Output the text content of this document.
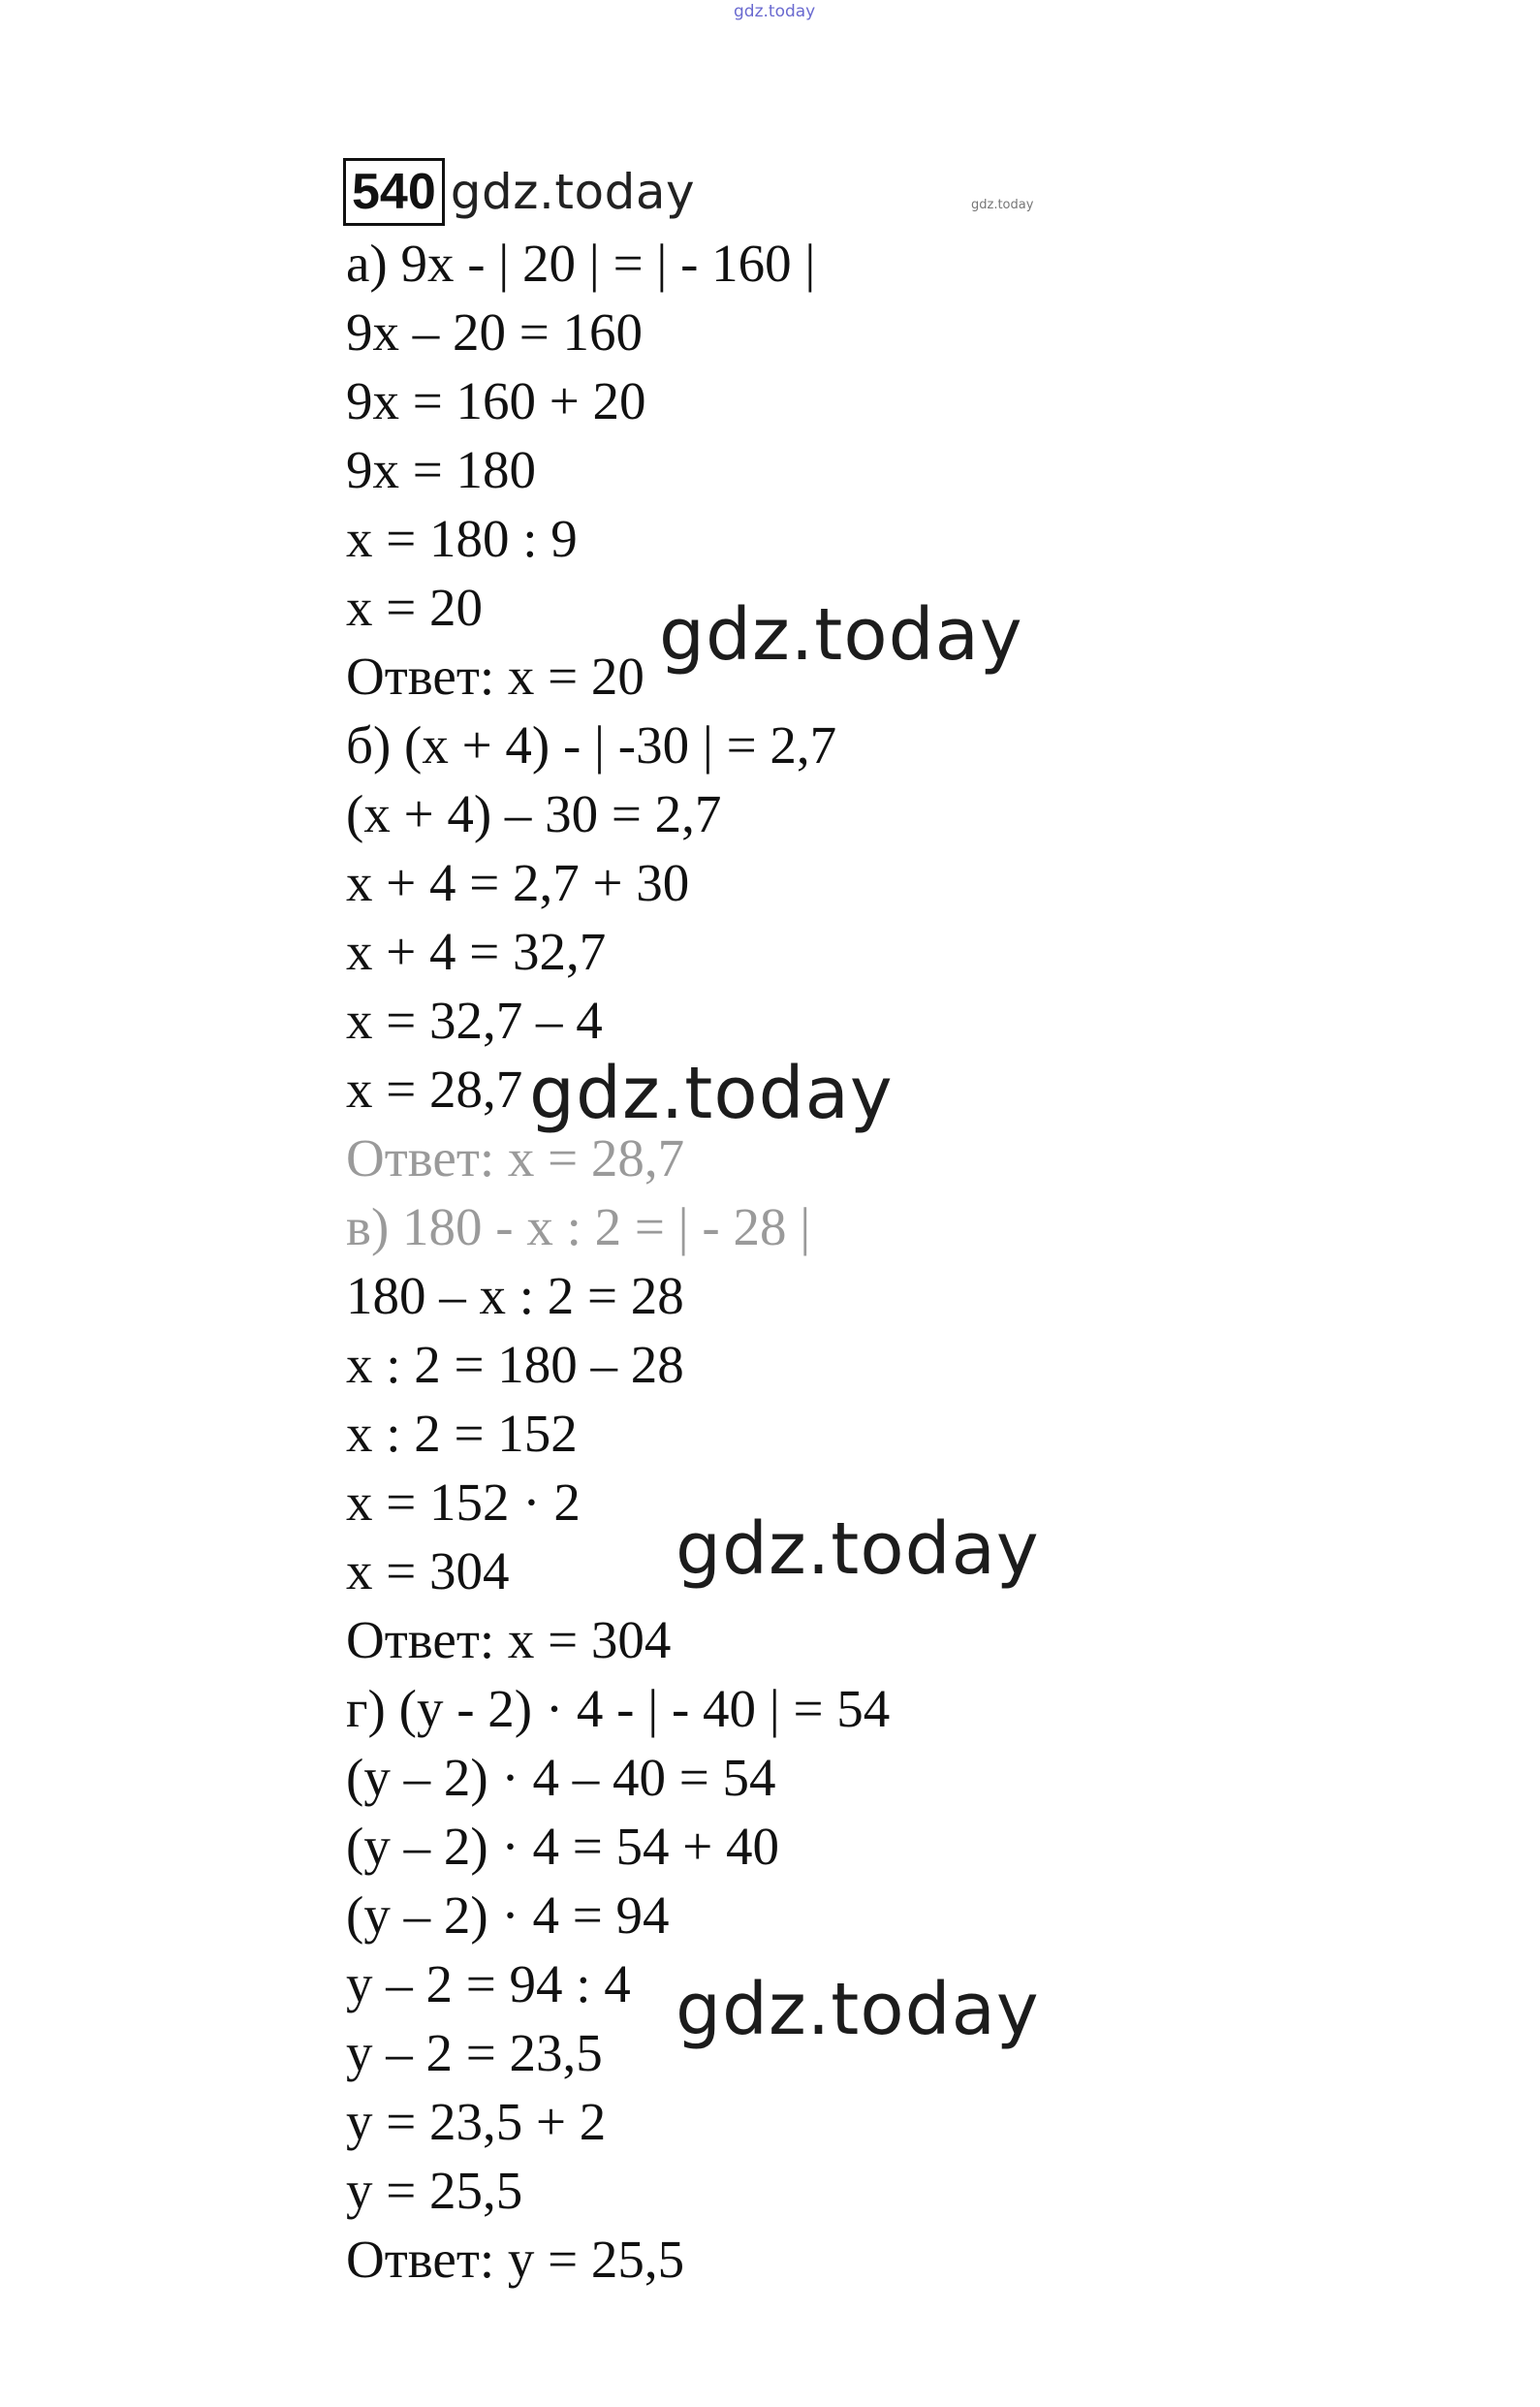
gdz.today
gdz.today
540 gdz.today
а) 9x - | 20 | = | - 160 |
9x – 20 = 160
9x = 160 + 20
9x = 180
x = 180 : 9
x = 20
Ответ: x = 20
б) (x + 4) - | -30 | = 2,7
(x + 4) – 30 = 2,7
x + 4 = 2,7 + 30
x + 4 = 32,7
x = 32,7 – 4
x = 28,7
Ответ: x = 28,7
в) 180 - x : 2 = | - 28 |
180 – x : 2 = 28
x : 2 = 180 – 28
x : 2 = 152
x = 152 · 2
x = 304
Ответ: x = 304
г) (y - 2) · 4 - | - 40 | = 54
(y – 2) · 4 – 40 = 54
(y – 2) · 4 = 54 + 40
(y – 2) · 4 = 94
y – 2 = 94 : 4
y – 2 = 23,5
y = 23,5 + 2
y = 25,5
Ответ: y = 25,5
gdz.today
gdz.today
gdz.today
gdz.today
